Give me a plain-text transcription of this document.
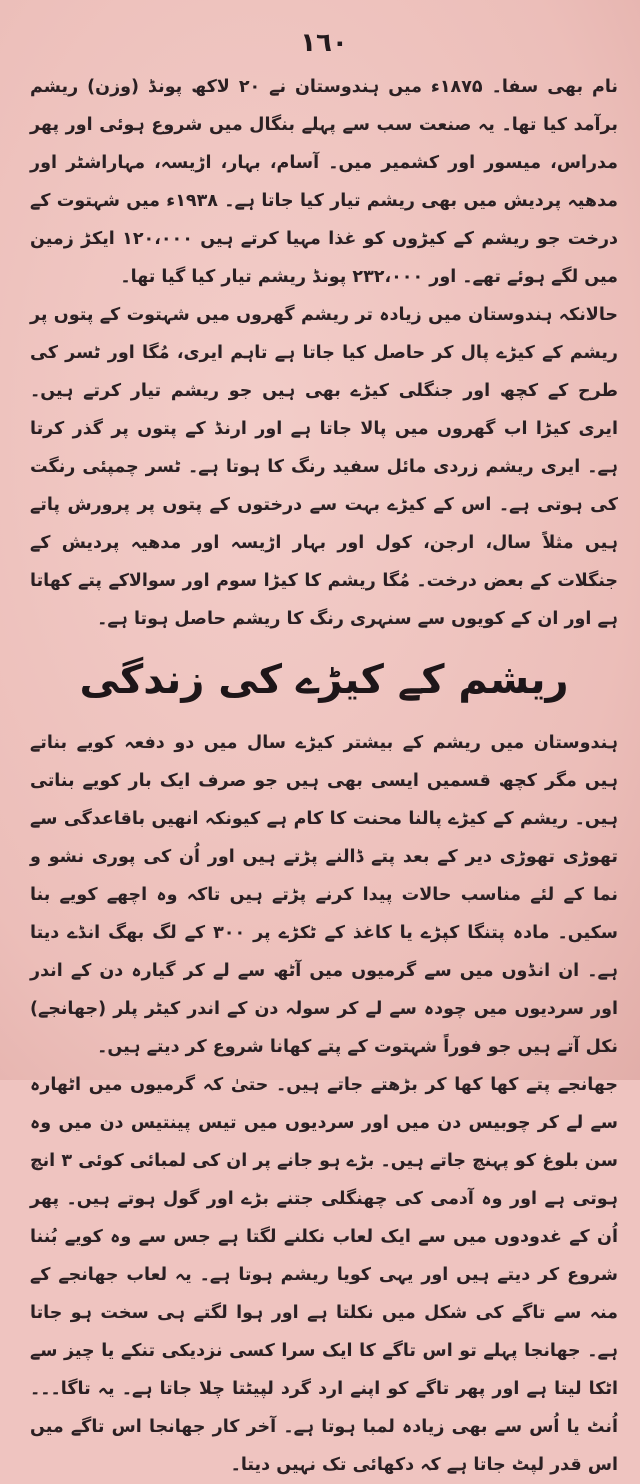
١٦٠

نام بھی سفا۔ ۱۸۷۵ء میں ہندوستان نے ۲۰ لاکھ پونڈ (وزن) ریشم برآمد کیا تھا۔ یہ صنعت سب سے پہلے بنگال میں شروع ہوئی اور پھر مدراس، میسور اور کشمیر میں۔ آسام، بہار، اڑیسہ، مہاراشٹر اور مدھیہ پردیش میں بھی ریشم تیار کیا جاتا ہے۔ ۱۹۳۸ء میں شہتوت کے درخت جو ریشم کے کیڑوں کو غذا مہیا کرتے ہیں ۱۲۰،۰۰۰ ایکڑ زمین میں لگے ہوئے تھے۔ اور ۲۳۲،۰۰۰ پونڈ ریشم تیار کیا گیا تھا۔

حالانکہ ہندوستان میں زیادہ تر ریشم گھروں میں شہتوت کے پتوں پر ریشم کے کیڑے پال کر حاصل کیا جاتا ہے تاہم ایری، مُگا اور ٹسر کی طرح کے کچھ اور جنگلی کیڑے بھی ہیں جو ریشم تیار کرتے ہیں۔ ایری کیڑا اب گھروں میں پالا جاتا ہے اور ارنڈ کے پتوں پر گذر کرتا ہے۔ ایری ریشم زردی مائل سفید رنگ کا ہوتا ہے۔ ٹسر چمپئی رنگت کی ہوتی ہے۔ اس کے کیڑے بہت سے درختوں کے پتوں پر پرورش پاتے ہیں مثلاً سال، ارجن، کول اور بہار اڑیسہ اور مدھیہ پردیش کے جنگلات کے بعض درخت۔ مُگا ریشم کا کیڑا سوم اور سوالاکے پتے کھاتا ہے اور ان کے کویوں سے سنہری رنگ کا ریشم حاصل ہوتا ہے۔

ریشم کے کیڑے کی زندگی

ہندوستان میں ریشم کے بیشتر کیڑے سال میں دو دفعہ کویے بناتے ہیں مگر کچھ قسمیں ایسی بھی ہیں جو صرف ایک بار کویے بناتی ہیں۔ ریشم کے کیڑے پالنا محنت کا کام ہے کیونکہ انھیں باقاعدگی سے تھوڑی تھوڑی دیر کے بعد پتے ڈالنے پڑتے ہیں اور اُن کی پوری نشو و نما کے لئے مناسب حالات پیدا کرنے پڑتے ہیں تاکہ وہ اچھے کویے بنا سکیں۔ مادہ پتنگا کپڑے یا کاغذ کے ٹکڑے پر ۳۰۰ کے لگ بھگ انڈے دیتا ہے۔ ان انڈوں میں سے گرمیوں میں آٹھ سے لے کر گیارہ دن کے اندر اور سردیوں میں چودہ سے لے کر سولہ دن کے اندر کیٹر پلر (جھانجے) نکل آتے ہیں جو فوراً شہتوت کے پتے کھانا شروع کر دیتے ہیں۔

جھانجے پتے کھا کھا کر بڑھتے جاتے ہیں۔ حتیٰ کہ گرمیوں میں اٹھارہ سے لے کر چوبیس دن میں اور سردیوں میں تیس پینتیس دن میں وہ سن بلوغ کو پہنچ جاتے ہیں۔ بڑے ہو جانے پر ان کی لمبائی کوئی ۳ انچ ہوتی ہے اور وہ آدمی کی چھنگلی جتنے بڑے اور گول ہوتے ہیں۔ پھر اُن کے غدودوں میں سے ایک لعاب نکلنے لگتا ہے جس سے وہ کویے بُننا شروع کر دیتے ہیں اور یہی کویا ریشم ہوتا ہے۔ یہ لعاب جھانجے کے منہ سے تاگے کی شکل میں نکلتا ہے اور ہوا لگتے ہی سخت ہو جاتا ہے۔ جھانجا پہلے تو اس تاگے کا ایک سرا کسی نزدیکی تنکے یا چیز سے اٹکا لیتا ہے اور پھر تاگے کو اپنے ارد گرد لپیٹتا چلا جاتا ہے۔ یہ تاگا۔۔۔ اُنٹ یا اُس سے بھی زیادہ لمبا ہوتا ہے۔ آخر کار جھانجا اس تاگے میں اس قدر لپٹ جاتا ہے کہ دکھائی تک نہیں دیتا۔
